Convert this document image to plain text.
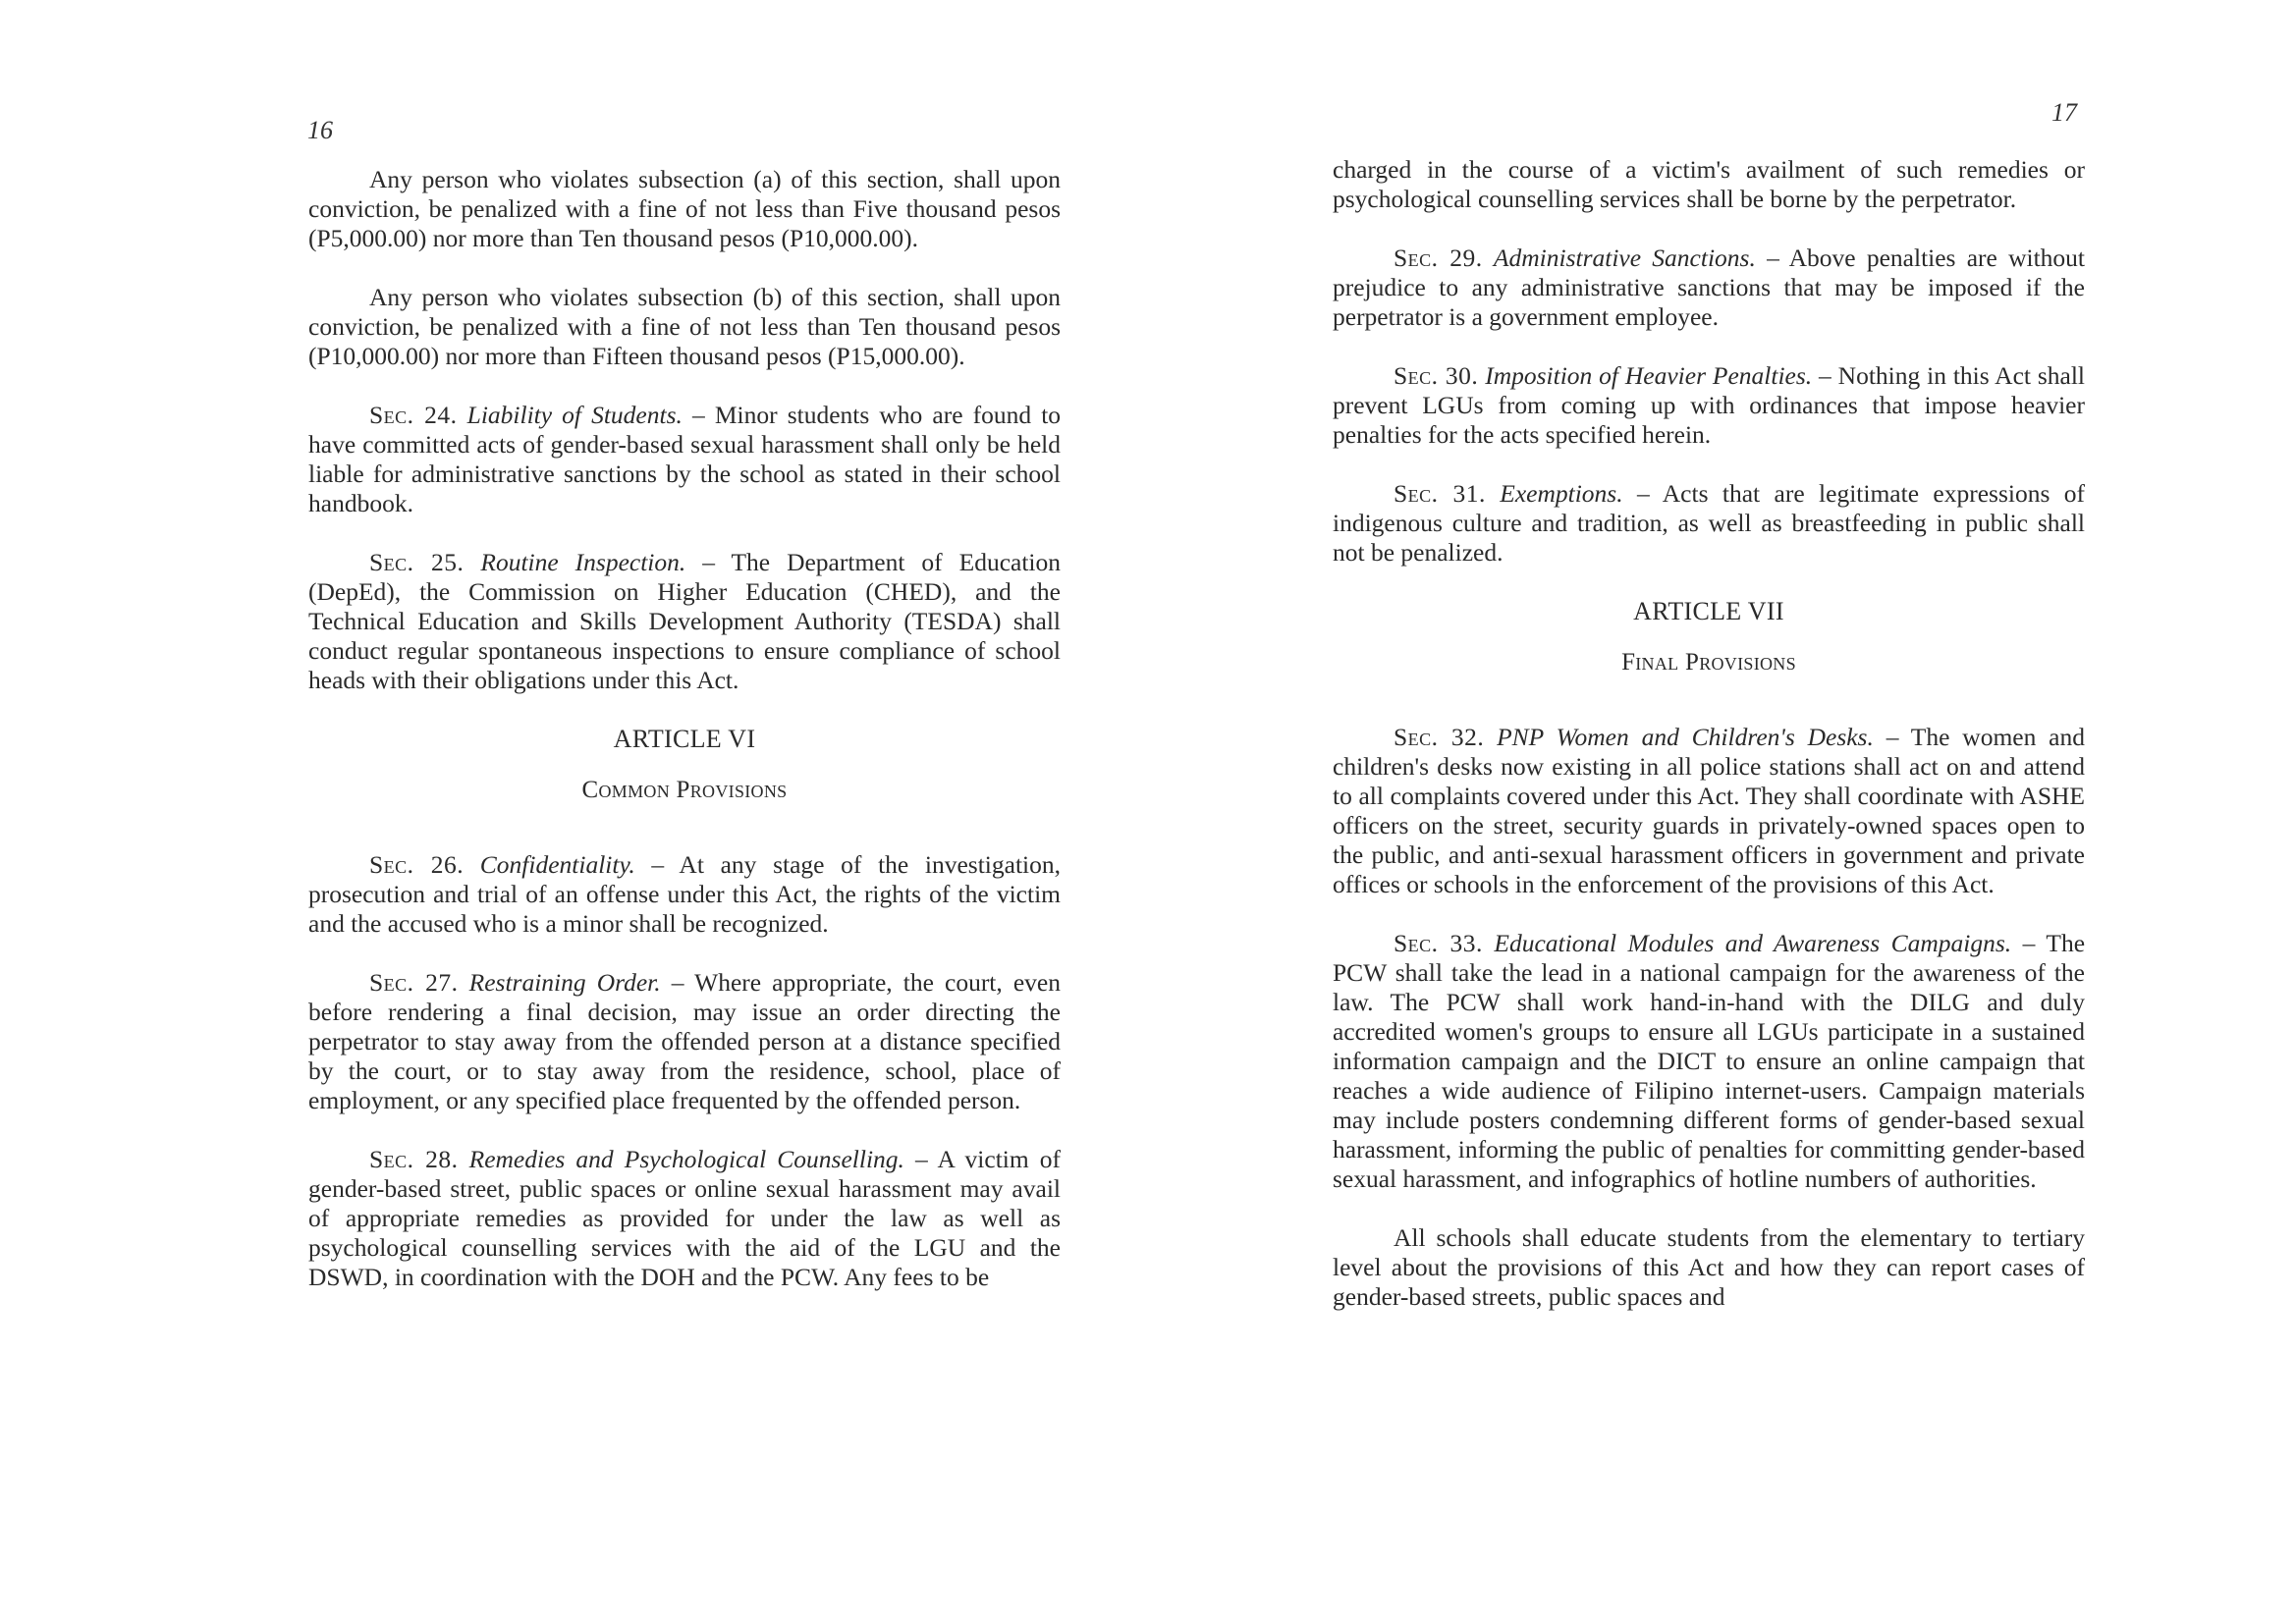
16

Any person who violates subsection (a) of this section, shall upon conviction, be penalized with a fine of not less than Five thousand pesos (P5,000.00) nor more than Ten thousand pesos (P10,000.00).

Any person who violates subsection (b) of this section, shall upon conviction, be penalized with a fine of not less than Ten thousand pesos (P10,000.00) nor more than Fifteen thousand pesos (P15,000.00).

Sec. 24. Liability of Students. – Minor students who are found to have committed acts of gender-based sexual harassment shall only be held liable for administrative sanctions by the school as stated in their school handbook.

Sec. 25. Routine Inspection. – The Department of Education (DepEd), the Commission on Higher Education (CHED), and the Technical Education and Skills Development Authority (TESDA) shall conduct regular spontaneous inspections to ensure compliance of school heads with their obligations under this Act.

ARTICLE VI
Common Provisions

Sec. 26. Confidentiality. – At any stage of the investigation, prosecution and trial of an offense under this Act, the rights of the victim and the accused who is a minor shall be recognized.

Sec. 27. Restraining Order. – Where appropriate, the court, even before rendering a final decision, may issue an order directing the perpetrator to stay away from the offended person at a distance specified by the court, or to stay away from the residence, school, place of employment, or any specified place frequented by the offended person.

Sec. 28. Remedies and Psychological Counselling. – A victim of gender-based street, public spaces or online sexual harassment may avail of appropriate remedies as provided for under the law as well as psychological counselling services with the aid of the LGU and the DSWD, in coordination with the DOH and the PCW. Any fees to be

17

charged in the course of a victim's availment of such remedies or psychological counselling services shall be borne by the perpetrator.

Sec. 29. Administrative Sanctions. – Above penalties are without prejudice to any administrative sanctions that may be imposed if the perpetrator is a government employee.

Sec. 30. Imposition of Heavier Penalties. – Nothing in this Act shall prevent LGUs from coming up with ordinances that impose heavier penalties for the acts specified herein.

Sec. 31. Exemptions. – Acts that are legitimate expressions of indigenous culture and tradition, as well as breastfeeding in public shall not be penalized.

ARTICLE VII
Final Provisions

Sec. 32. PNP Women and Children's Desks. – The women and children's desks now existing in all police stations shall act on and attend to all complaints covered under this Act. They shall coordinate with ASHE officers on the street, security guards in privately-owned spaces open to the public, and anti-sexual harassment officers in government and private offices or schools in the enforcement of the provisions of this Act.

Sec. 33. Educational Modules and Awareness Campaigns. – The PCW shall take the lead in a national campaign for the awareness of the law. The PCW shall work hand-in-hand with the DILG and duly accredited women's groups to ensure all LGUs participate in a sustained information campaign and the DICT to ensure an online campaign that reaches a wide audience of Filipino internet-users. Campaign materials may include posters condemning different forms of gender-based sexual harassment, informing the public of penalties for committing gender-based sexual harassment, and infographics of hotline numbers of authorities.

All schools shall educate students from the elementary to tertiary level about the provisions of this Act and how they can report cases of gender-based streets, public spaces and
